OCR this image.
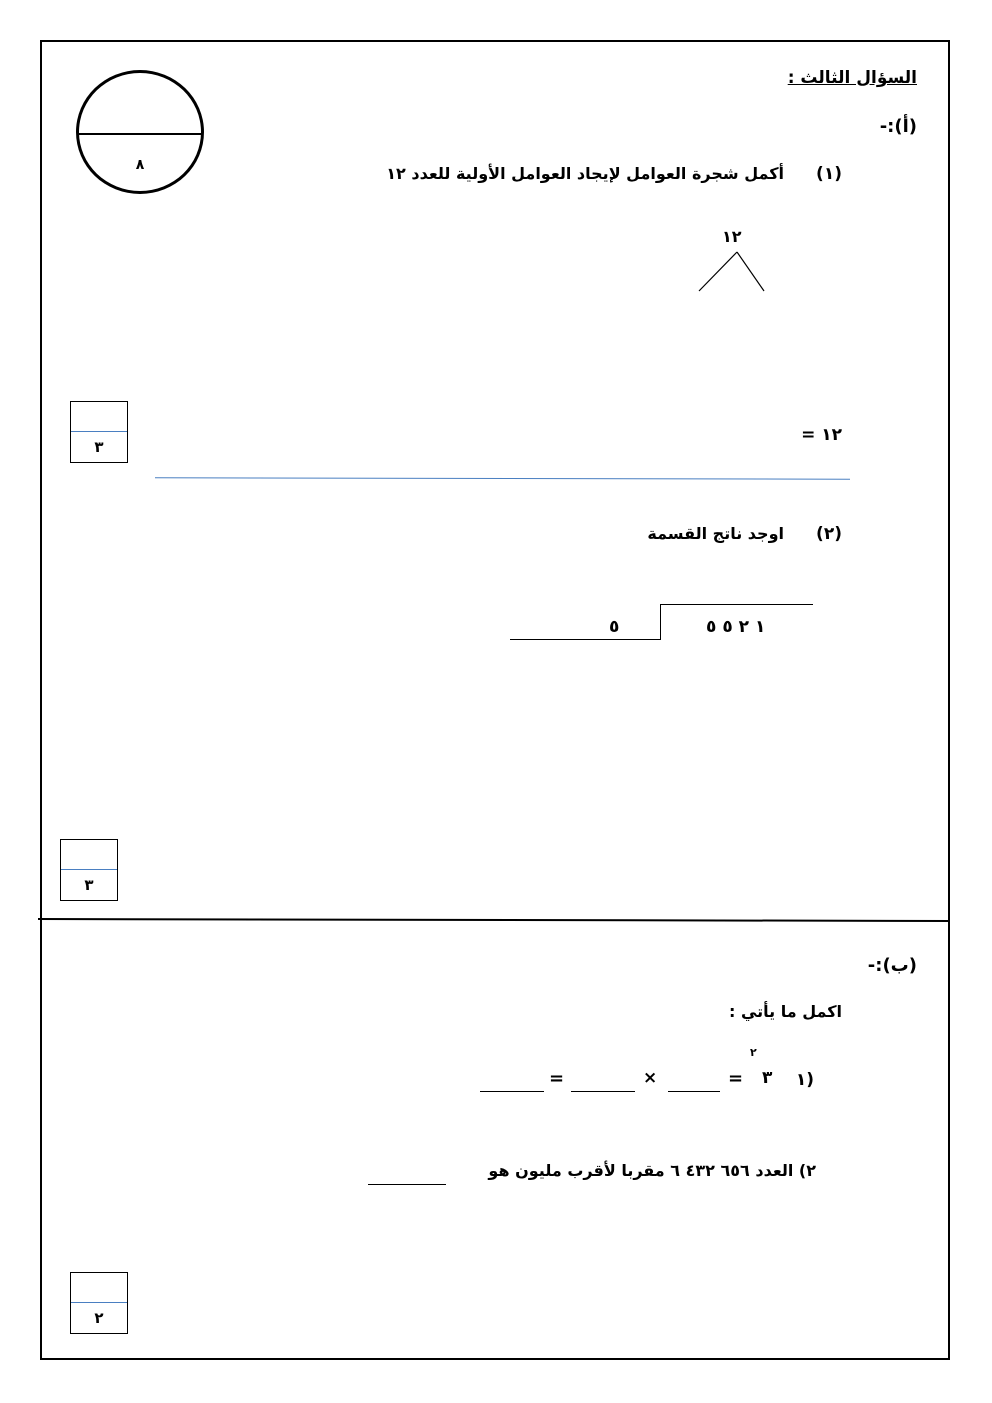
السؤال الثالث :
(أ):-
٨	(١)
أكمل شجرة العوامل لإيجاد العوامل الأولية للعدد ١٢
١٢
١٢ =
٣
(٢)
اوجد ناتج القسمة
١ ٢ ٥ ٥
٥
٣
(ب):-
اكمل ما يأتي :
(١
٣
٢
=
×
=
٢) العدد ٦٥٦ ٤٣٢ ٦ مقربا لأقرب مليون هو
٢
